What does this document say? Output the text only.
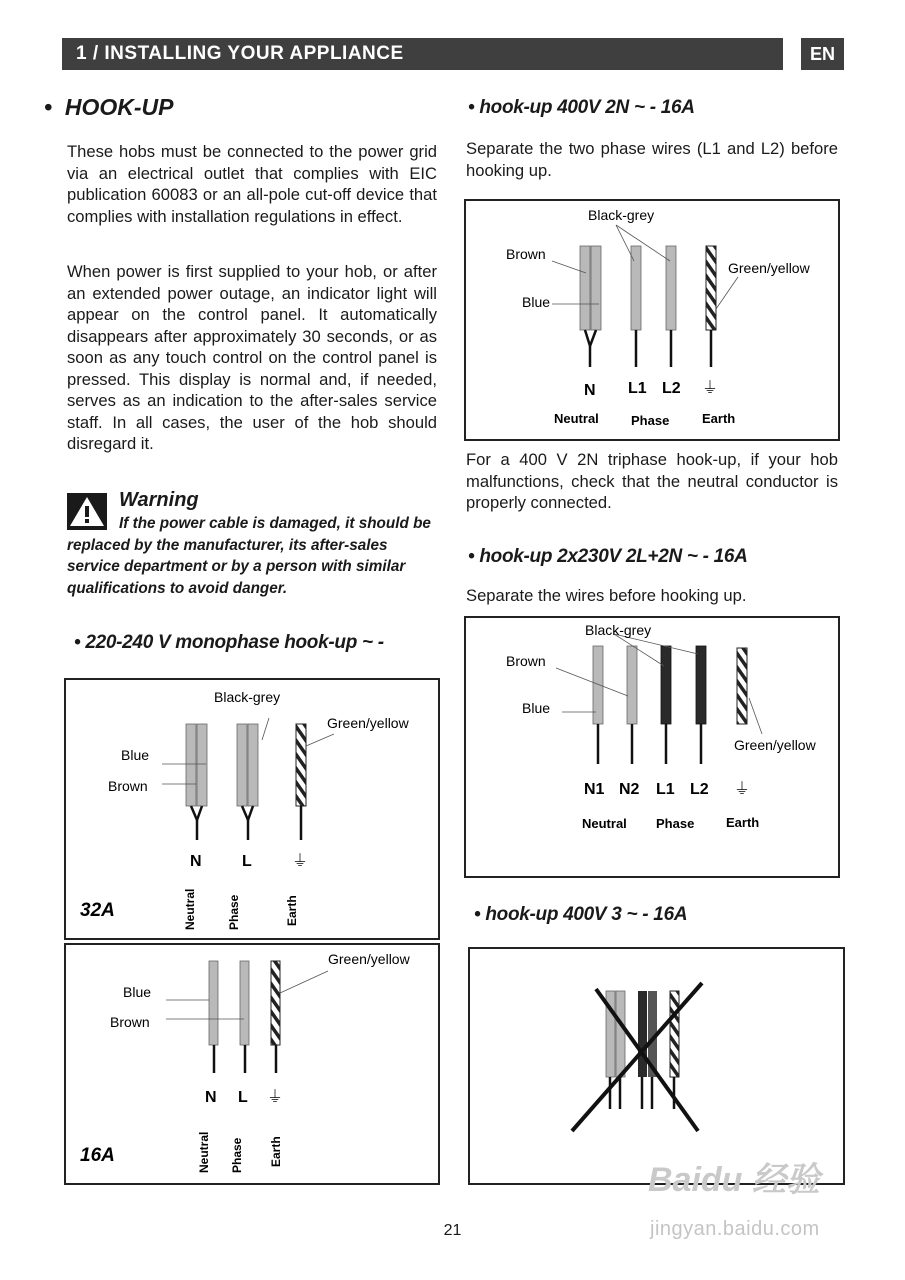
1 / INSTALLING YOUR APPLIANCE	EN
• HOOK-UP

These hobs must be connected to the power grid via an electrical outlet that complies with EIC publication 60083 or an all-pole cut-off device that complies with installation regulations in effect.

When power is first supplied to your hob, or after an extended power outage, an indicator light will appear on the control panel. It automatically disappears after approximately 30 seconds, or as soon as any touch control on the control panel is pressed. This display is normal and, if needed, serves as an indication to the after-sales service staff. In all cases, the user of the hob should disregard it.

Warning

If the power cable is damaged, it should be replaced by the manufacturer, its after-sales service department or by a person with similar qualifications to avoid danger.

• 220-240 V monophase hook-up ~ -
Black-grey
Green/yellow
Blue
Brown
N	L	⏚
Neutral	Phase	Earth
32A
Green/yellow
Blue
Brown
N L ⏚
Neutral Phase Earth
16A
• hook-up 400V 2N ~ - 16A

Separate the two phase wires (L1 and L2) before hooking up.

Black-grey
Brown
Blue
Green/yellow
N L1 L2 ⏚
Neutral Phase	Earth

For a 400 V 2N triphase hook-up, if your hob malfunctions, check that the neutral conductor is properly connected.

• hook-up 2x230V 2L+2N ~ - 16A

Separate the wires before hooking up.

Black-grey
Brown
Blue
Green/yellow
N1 N2 L1 L2 ⏚
Neutral Phase Earth
• hook-up 400V 3 ~ - 16A
21
Baidu 经验
jingyan.baidu.com
